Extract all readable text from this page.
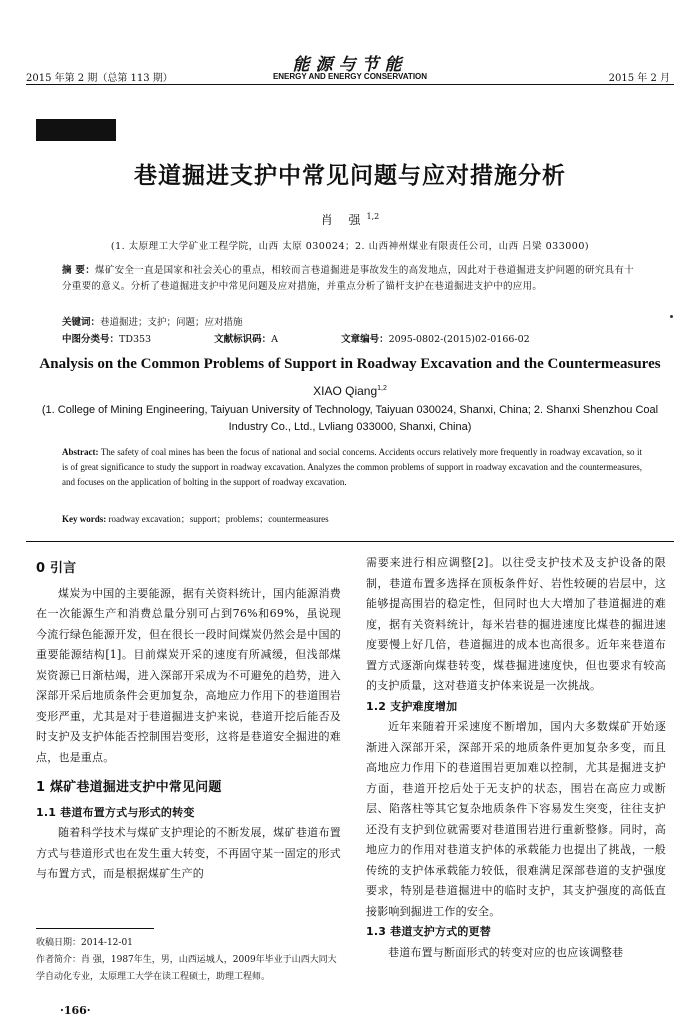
2015 年第 2 期（总第 113 期）
能源与节能
ENERGY AND ENERGY CONSERVATION	2015 年 2 月
巷道掘进支护中常见问题与应对措施分析
肖 强$^{1,2}$
(1. 太原理工大学矿业工程学院，山西 太原 030024；2. 山西神州煤业有限责任公司，山西 吕梁 033000)
摘 要：煤矿安全一直是国家和社会关心的重点，相较而言巷道掘进是事故发生的高发地点，因此对于巷道掘进支护问题的研究具有十分重要的意义。分析了巷道掘进支护中常见问题及应对措施，并重点分析了锚杆支护在巷道掘进支护中的应用。
关键词：巷道掘进；支护；问题；应对措施
中图分类号：TD353	文献标识码：A	文章编号：2095-0802-(2015)02-0166-02
Analysis on the Common Problems of Support in Roadway Excavation and the Countermeasures
XIAO Qiang$^{1,2}$
(1. College of Mining Engineering, Taiyuan University of Technology, Taiyuan 030024, Shanxi, China; 2. Shanxi Shenzhou Coal Industry Co., Ltd., Lvliang 033000, Shanxi, China)
Abstract: The safety of coal mines has been the focus of national and social concerns. Accidents occurs relatively more frequently in roadway excavation, so it is of great significance to study the support in roadway excavation. Analyzes the common problems of support in roadway excavation and the countermeasures, and focuses on the application of bolting in the support of roadway excavation.
Key words: roadway excavation；support；problems；countermeasures
0 引言

煤炭为中国的主要能源，据有关资料统计，国内能源消费在一次能源生产和消费总量分别可占到76%和69%，虽说现今流行绿色能源开发，但在很长一段时间煤炭仍然会是中国的重要能源结构[1]。目前煤炭开采的速度有所减缓，但浅部煤炭资源已日渐枯竭，进入深部开采成为不可避免的趋势，进入深部开采后地质条件会更加复杂，高地应力作用下的巷道围岩变形严重，尤其是对于巷道掘进支护来说，巷道开挖后能否及时支护及支护体能否控制围岩变形，这将是巷道安全掘进的难点，也是重点。

1 煤矿巷道掘进支护中常见问题
1.1 巷道布置方式与形式的转变

随着科学技术与煤矿支护理论的不断发展，煤矿巷道布置方式与巷道形式也在发生重大转变，不再固守某一固定的形式与布置方式，而是根据煤矿生产的

需要来进行相应调整[2]。以往受支护技术及支护设备的限制，巷道布置多选择在顶板条件好、岩性较硬的岩层中，这能够提高围岩的稳定性，但同时也大大增加了巷道掘进的难度，据有关资料统计，每米岩巷的掘进速度比煤巷的掘进速度要慢上好几倍，巷道掘进的成本也高很多。近年来巷道布置方式逐渐向煤巷转变，煤巷掘进速度快，但也要求有较高的支护质量，这对巷道支护体来说是一次挑战。

1.2 支护难度增加

近年来随着开采速度不断增加，国内大多数煤矿开始逐渐进入深部开采，深部开采的地质条件更加复杂多变，而且高地应力作用下的巷道围岩更加难以控制，尤其是掘进支护方面，巷道开挖后处于无支护的状态，围岩在高应力或断层、陷落柱等其它复杂地质条件下容易发生突变，往往支护还没有支护到位就需要对巷道围岩进行重新整修。同时，高地应力的作用对巷道支护体的承载能力也提出了挑战，一般传统的支护体承载能力较低，很难满足深部巷道的支护强度要求，特别是巷道掘进中的临时支护，其支护强度的高低直接影响到掘进工作的安全。

1.3 巷道支护方式的更替

巷道布置与断面形式的转变对应的也应该调整巷

收稿日期：2014-12-01
作者简介：肖 强，1987年生，男，山西运城人，2009年毕业于山西大同大学自动化专业，太原理工大学在读工程硕士，助理工程师。
·166·
